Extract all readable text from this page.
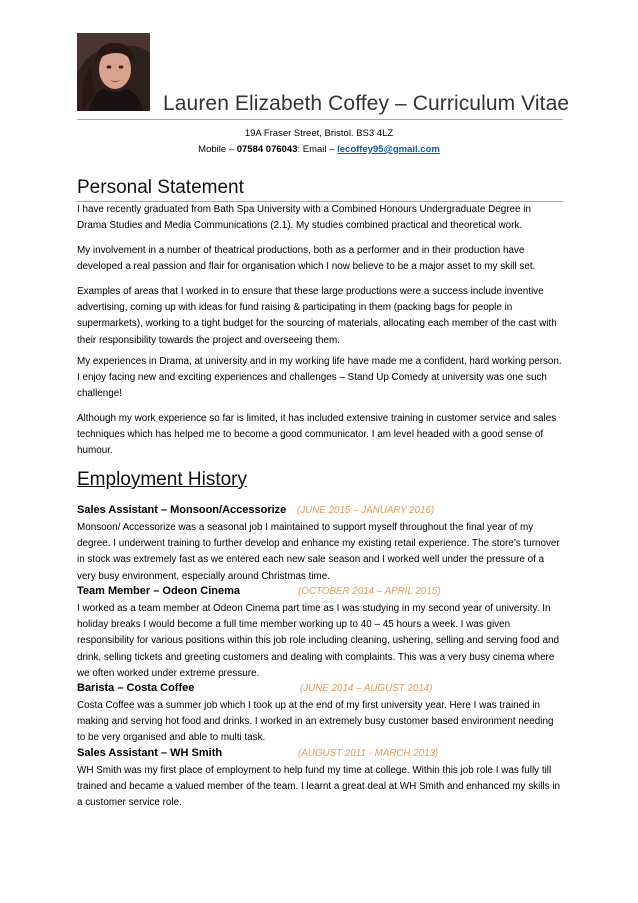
Lauren Elizabeth Coffey – Curriculum Vitae
19A Fraser Street, Bristol. BS3 4LZ
Mobile – 07584 076043: Email – lecoffey95@gmail.com
Personal Statement

I have recently graduated from Bath Spa University with a Combined Honours Undergraduate Degree in Drama Studies and Media Communications (2.1). My studies combined practical and theoretical work.

My involvement in a number of theatrical productions, both as a performer and in their production have developed a real passion and flair for organisation which I now believe to be a major asset to my skill set.

Examples of areas that I worked in to ensure that these large productions were a success include inventive advertising, coming up with ideas for fund raising & participating in them (packing bags for people in supermarkets), working to a tight budget for the sourcing of materials, allocating each member of the cast with their responsibility towards the project and overseeing them.

My experiences in Drama, at university and in my working life have made me a confident, hard working person. I enjoy facing new and exciting experiences and challenges – Stand Up Comedy at university was one such challenge!

Although my work experience so far is limited, it has included extensive training in customer service and sales techniques which has helped me to become a good communicator. I am level headed with a good sense of humour.

Employment History
Sales Assistant – Monsoon/Accessorize (JUNE 2015 – JANUARY 2016)

Monsoon/ Accessorize was a seasonal job I maintained to support myself throughout the final year of my degree. I underwent training to further develop and enhance my existing retail experience. The store’s turnover in stock was extremely fast as we entered each new sale season and I worked well under the pressure of a very busy environment, especially around Christmas time.

Team Member – Odeon Cinema	(OCTOBER 2014 – APRIL 2015)

I worked as a team member at Odeon Cinema part time as I was studying in my second year of university. In holiday breaks I would become a full time member working up to 40 – 45 hours a week. I was given responsibility for various positions within this job role including cleaning, ushering, selling and serving food and drink, selling tickets and greeting customers and dealing with complaints. This was a very busy cinema where we often worked under extreme pressure.

Barista – Costa Coffee	(JUNE 2014 – AUGUST 2014)

Costa Coffee was a summer job which I took up at the end of my first university year. Here I was trained in making and serving hot food and drinks. I worked in an extremely busy customer based environment needing to be very organised and able to multi task.

Sales Assistant – WH Smith	(AUGUST 2011 - MARCH 2013)

WH Smith was my first place of employment to help fund my time at college. Within this job role I was fully till trained and became a valued member of the team. I learnt a great deal at WH Smith and enhanced my skills in a customer service role.
